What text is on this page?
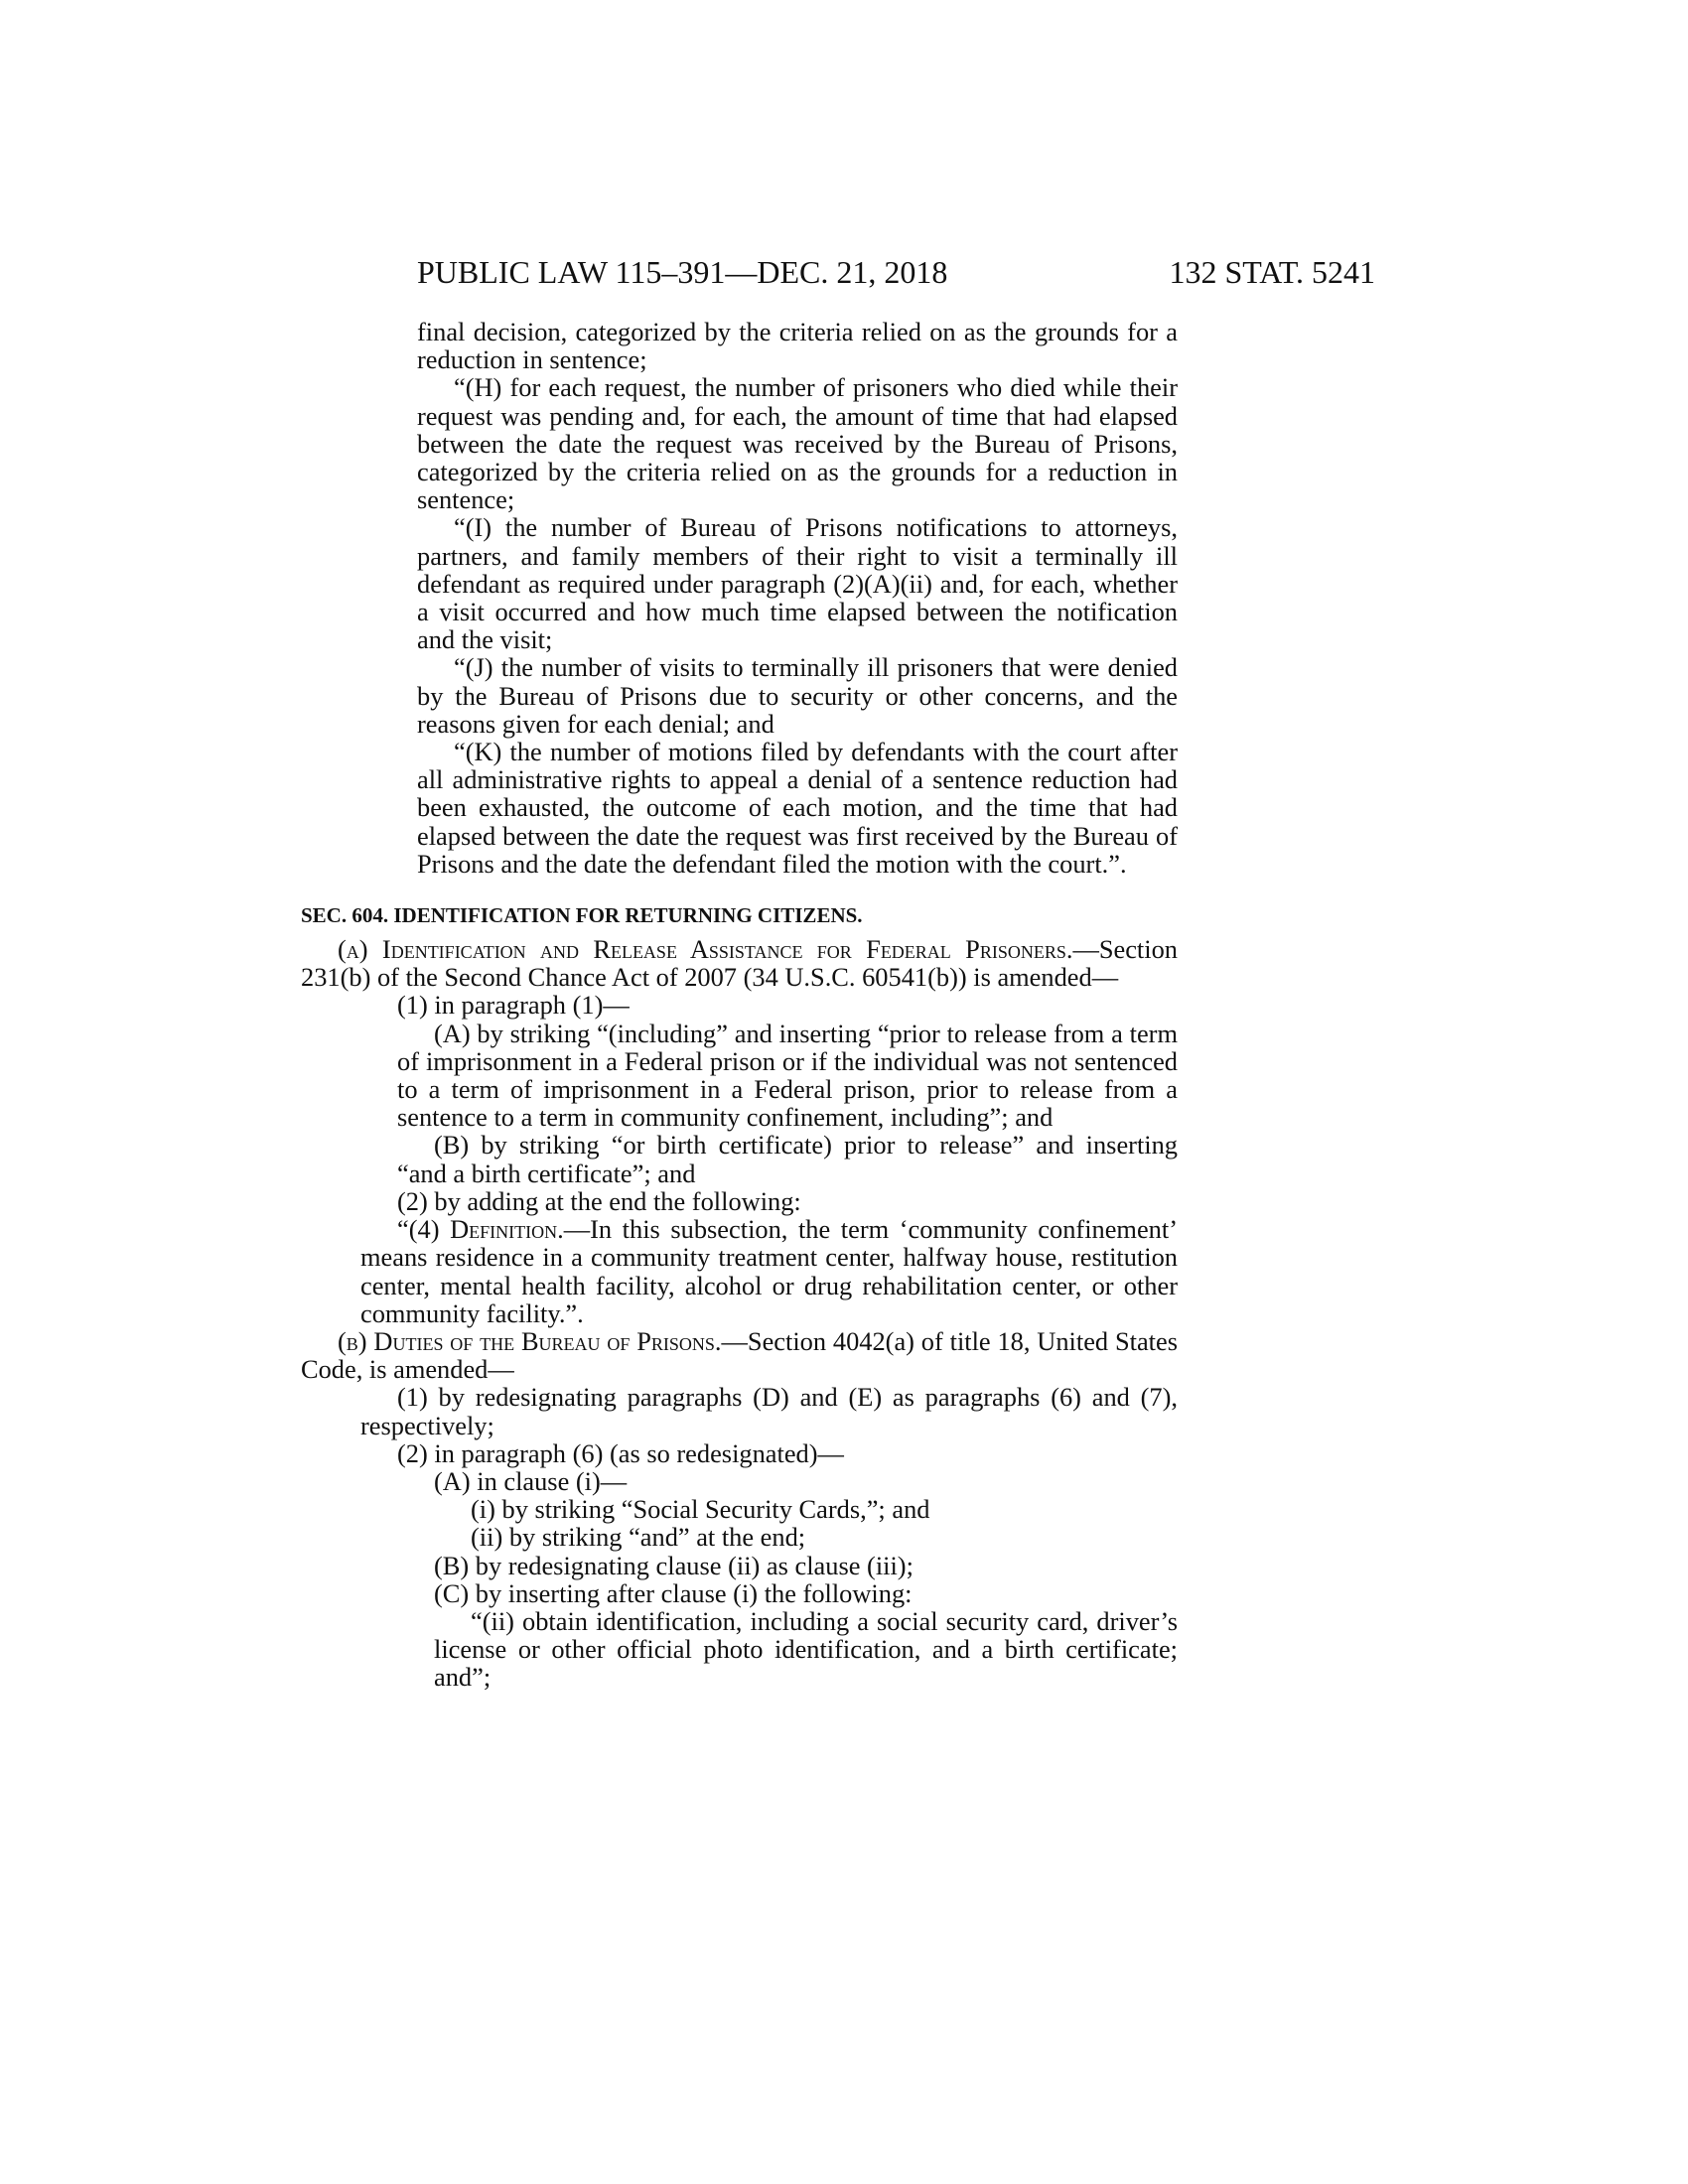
PUBLIC LAW 115–391—DEC. 21, 2018	132 STAT. 5241

final decision, categorized by the criteria relied on as the grounds for a reduction in sentence;

“(H) for each request, the number of prisoners who died while their request was pending and, for each, the amount of time that had elapsed between the date the request was received by the Bureau of Prisons, categorized by the criteria relied on as the grounds for a reduction in sentence;

“(I) the number of Bureau of Prisons notifications to attorneys, partners, and family members of their right to visit a terminally ill defendant as required under paragraph (2)(A)(ii) and, for each, whether a visit occurred and how much time elapsed between the notification and the visit;

“(J) the number of visits to terminally ill prisoners that were denied by the Bureau of Prisons due to security or other concerns, and the reasons given for each denial; and

“(K) the number of motions filed by defendants with the court after all administrative rights to appeal a denial of a sentence reduction had been exhausted, the outcome of each motion, and the time that had elapsed between the date the request was first received by the Bureau of Prisons and the date the defendant filed the motion with the court.”.

SEC. 604. IDENTIFICATION FOR RETURNING CITIZENS.

(a) Identification and Release Assistance for Federal Prisoners.—Section 231(b) of the Second Chance Act of 2007 (34 U.S.C. 60541(b)) is amended—

(1) in paragraph (1)—

(A) by striking “(including” and inserting “prior to release from a term of imprisonment in a Federal prison or if the individual was not sentenced to a term of imprisonment in a Federal prison, prior to release from a sentence to a term in community confinement, including”; and

(B) by striking “or birth certificate) prior to release” and inserting “and a birth certificate”; and

(2) by adding at the end the following:

“(4) Definition.—In this subsection, the term ‘community confinement’ means residence in a community treatment center, halfway house, restitution center, mental health facility, alcohol or drug rehabilitation center, or other community facility.”.

(b) Duties of the Bureau of Prisons.—Section 4042(a) of title 18, United States Code, is amended—

(1) by redesignating paragraphs (D) and (E) as paragraphs (6) and (7), respectively;

(2) in paragraph (6) (as so redesignated)—

(A) in clause (i)—

(i) by striking “Social Security Cards,”; and

(ii) by striking “and” at the end;

(B) by redesignating clause (ii) as clause (iii);

(C) by inserting after clause (i) the following:

“(ii) obtain identification, including a social security card, driver’s license or other official photo identification, and a birth certificate; and”;
